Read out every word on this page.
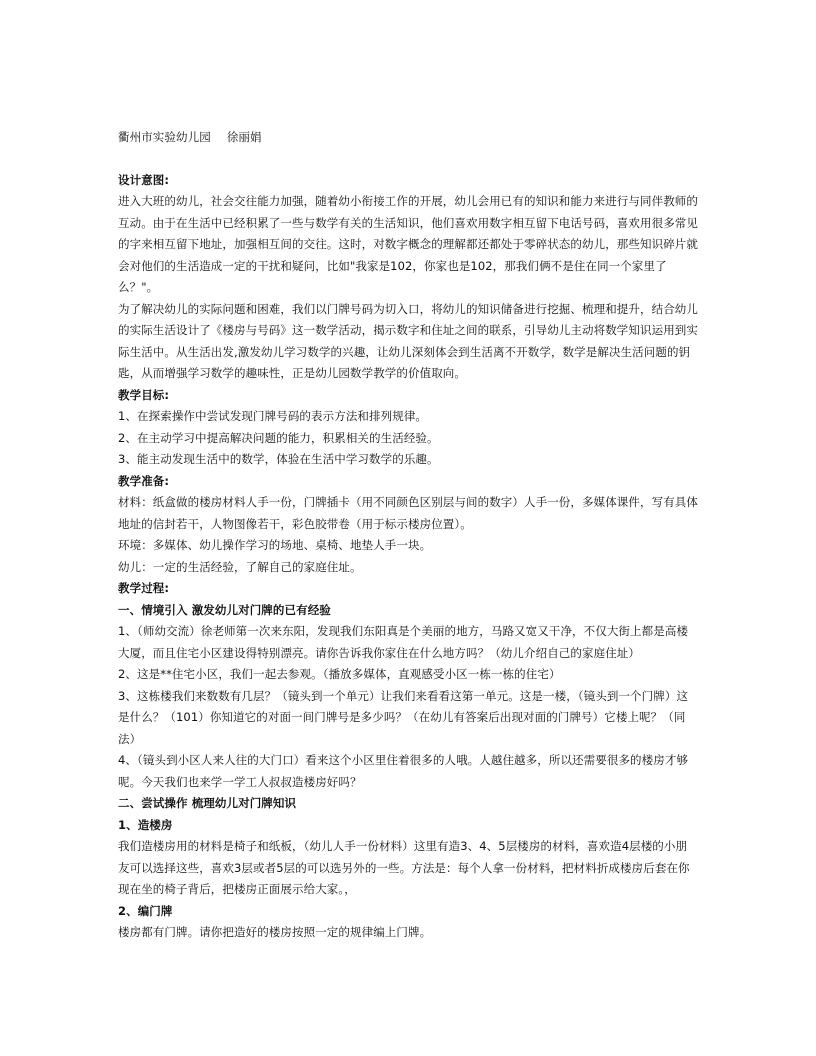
衢州市实验幼儿园 徐丽娟

设计意图:

进入大班的幼儿，社会交往能力加强，随着幼小衔接工作的开展，幼儿会用已有的知识和能力来进行与同伴教师的互动。由于在生活中已经积累了一些与数学有关的生活知识，他们喜欢用数字相互留下电话号码，喜欢用很多常见的字来相互留下地址，加强相互间的交往。这时，对数字概念的理解都还都处于零碎状态的幼儿，那些知识碎片就会对他们的生活造成一定的干扰和疑问，比如"我家是102，你家也是102，那我们俩不是住在同一个家里了么？"。

为了解决幼儿的实际问题和困难，我们以门牌号码为切入口，将幼儿的知识储备进行挖掘、梳理和提升，结合幼儿的实际生活设计了《楼房与号码》这一数学活动，揭示数字和住址之间的联系，引导幼儿主动将数学知识运用到实际生活中。从生活出发,激发幼儿学习数学的兴趣，让幼儿深刻体会到生活离不开数学，数学是解决生活问题的钥匙，从而增强学习数学的趣味性，正是幼儿园数学教学的价值取向。

教学目标:

1、在探索操作中尝试发现门牌号码的表示方法和排列规律。

2、在主动学习中提高解决问题的能力，积累相关的生活经验。

3、能主动发现生活中的数学，体验在生活中学习数学的乐趣。

教学准备:

材料：纸盒做的楼房材料人手一份，门牌插卡（用不同颜色区别层与间的数字）人手一份，多媒体课件，写有具体地址的信封若干，人物图像若干，彩色胶带卷（用于标示楼房位置）。

环境：多媒体、幼儿操作学习的场地、桌椅、地垫人手一块。

幼儿：一定的生活经验，了解自己的家庭住址。

教学过程:

一、情境引入 激发幼儿对门牌的已有经验

1、（师幼交流）徐老师第一次来东阳，发现我们东阳真是个美丽的地方，马路又宽又干净，不仅大街上都是高楼大厦，而且住宅小区建设得特别漂亮。请你告诉我你家住在什么地方吗？（幼儿介绍自己的家庭住址）

2、这是**住宅小区，我们一起去参观。（播放多媒体，直观感受小区一栋一栋的住宅）

3、这栋楼我们来数数有几层？（镜头到一个单元）让我们来看看这第一单元。这是一楼，（镜头到一个门牌）这是什么？（101）你知道它的对面一间门牌号是多少吗？（在幼儿有答案后出现对面的门牌号）它楼上呢？（同法）

4、（镜头到小区人来人往的大门口）看来这个小区里住着很多的人哦。人越住越多，所以还需要很多的楼房才够呢。今天我们也来学一学工人叔叔造楼房好吗？

二、尝试操作 梳理幼儿对门牌知识

1、造楼房

我们造楼房用的材料是椅子和纸板，（幼儿人手一份材料）这里有造3、4、5层楼房的材料，喜欢造4层楼的小朋友可以选择这些，喜欢3层或者5层的可以选另外的一些。方法是：每个人拿一份材料，把材料折成楼房后套在你现在坐的椅子背后，把楼房正面展示给大家。，

2、编门牌

楼房都有门牌。请你把造好的楼房按照一定的规律编上门牌。
